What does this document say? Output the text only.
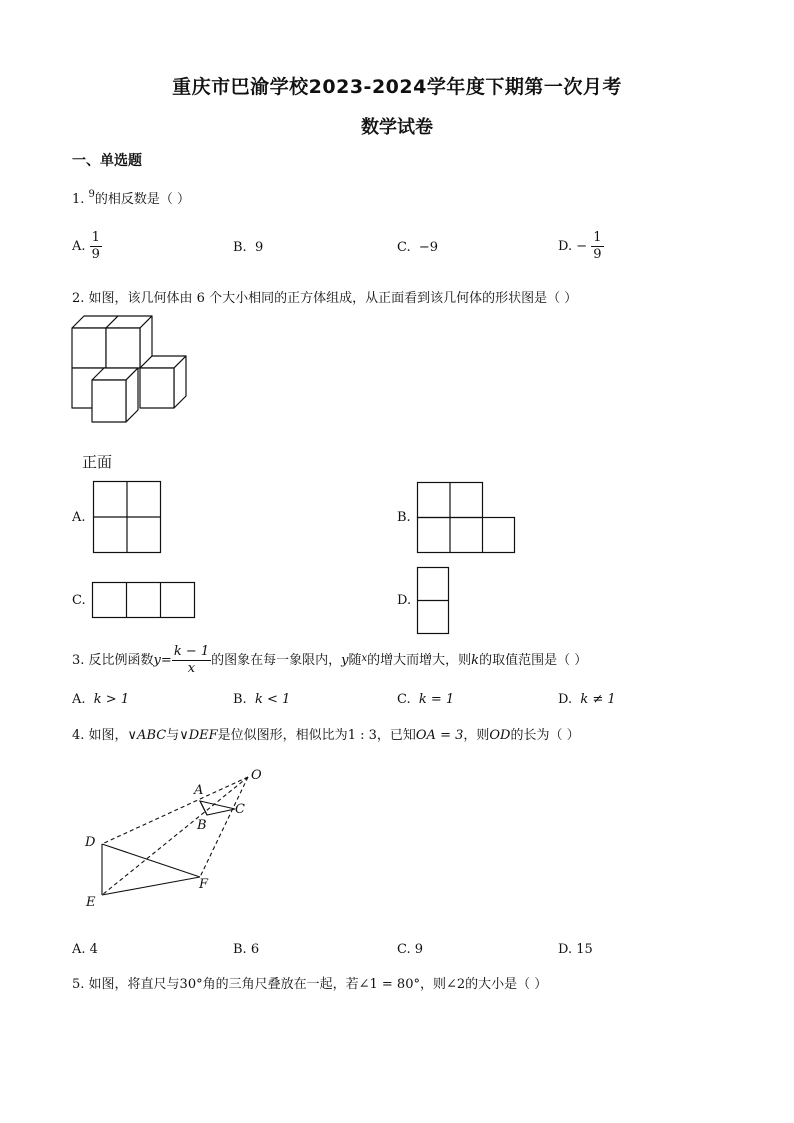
重庆市巴渝学校2023-2024学年度下期第一次月考
数学试卷
一、单选题
1. $^9$的相反数是（ ）
A. $\frac{1}{9}$	B. 9	C. −9	D. − $\frac{1}{9}$
2. 如图，该几何体由 6 个大小相同的正方体组成，从正面看到该几何体的形状图是（ ）
正面
A.	B.
C.	D.
3. 反比例函数$y= \frac{k - 1}{x}$ 的图象在每一象限内，y随$^x$的增大而增大，则k的取值范围是（ ）
A. k > 1	B. k < 1	C. k = 1	D. k ≠ 1
4. 如图，∨ABC与∨DEF是位似图形，相似比为1 : 3，已知OA = 3，则OD的长为（ ）
O
A
B
C
D
E
F
A. 4	B. 6	C. 9	D. 15
5. 如图，将直尺与30°角的三角尺叠放在一起，若∠1 = 80°，则∠2的大小是（ ）
